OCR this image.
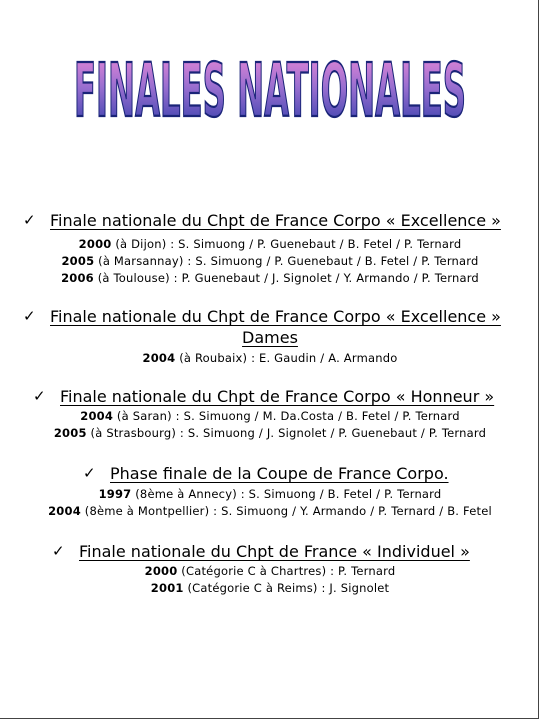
FINALES NATIONALES
✓ Finale nationale du Chpt de France Corpo « Excellence »
2000 (à Dijon) : S. Simuong / P. Guenebaut / B. Fetel / P. Ternard
2005 (à Marsannay) : S. Simuong / P. Guenebaut / B. Fetel / P. Ternard
2006 (à Toulouse) : P. Guenebaut / J. Signolet / Y. Armando / P. Ternard
✓ Finale nationale du Chpt de France Corpo « Excellence »
Dames
2004 (à Roubaix) : E. Gaudin / A. Armando
✓ Finale nationale du Chpt de France Corpo « Honneur »
2004 (à Saran) : S. Simuong / M. Da.Costa / B. Fetel / P. Ternard
2005 (à Strasbourg) : S. Simuong / J. Signolet / P. Guenebaut / P. Ternard
✓ Phase finale de la Coupe de France Corpo.
1997 (8ème à Annecy) : S. Simuong / B. Fetel / P. Ternard
2004 (8ème à Montpellier) : S. Simuong / Y. Armando / P. Ternard / B. Fetel
✓ Finale nationale du Chpt de France « Individuel »
2000 (Catégorie C à Chartres) : P. Ternard
2001 (Catégorie C à Reims) : J. Signolet
